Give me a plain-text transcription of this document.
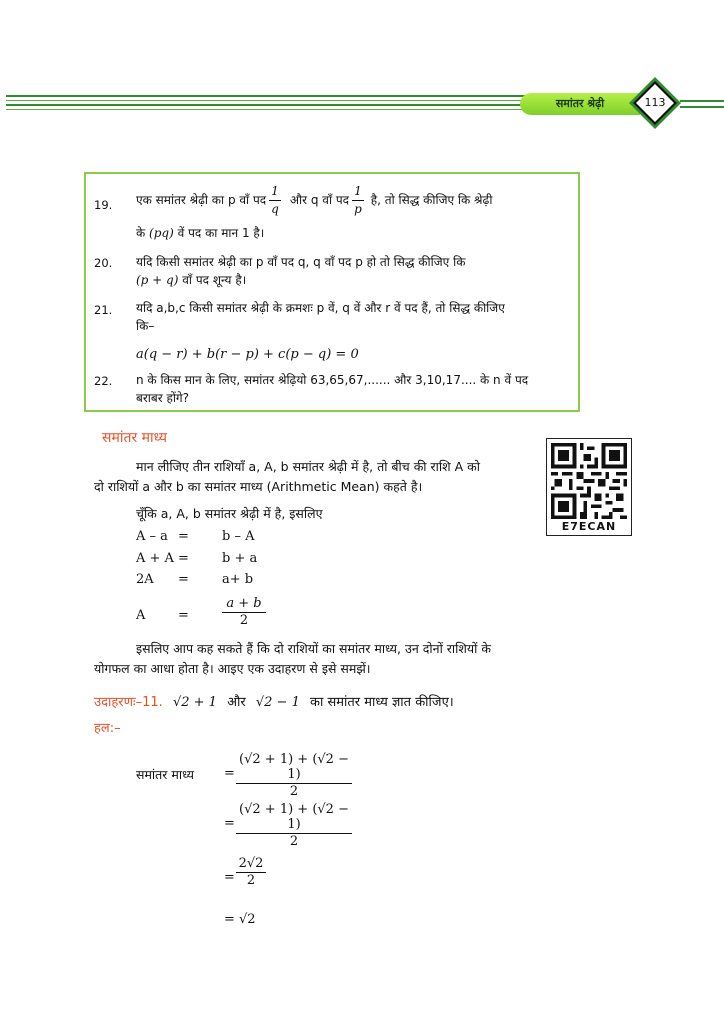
समांतर श्रेढ़ी	113
19. एक समांतर श्रेढ़ी का p वाँ पद $\frac{1}{q}$ और q वाँ पद $\frac{1}{p}$ है, तो सिद्ध कीजिए कि श्रेढ़ी
के (pq) वें पद का मान 1 है।
20. यदि किसी समांतर श्रेढ़ी का p वाँ पद q, q वाँ पद p हो तो सिद्ध कीजिए कि
(p + q) वाँ पद शून्य है।
21. यदि a,b,c किसी समांतर श्रेढ़ी के क्रमशः p वें, q वें और r वें पद हैं, तो सिद्ध कीजिए
कि–
a(q − r) + b(r − p) + c(p − q) = 0
22. n के किस मान के लिए, समांतर श्रेढ़ियो 63,65,67,...... और 3,10,17.... के n वें पद
बराबर होंगे?
समांतर माध्य
मान लीजिए तीन राशियाँ a, A, b समांतर श्रेढ़ी में है, तो बीच की राशि A को
दो राशियों a और b का समांतर माध्य (Arithmetic Mean) कहते है।
चूँकि a, A, b समांतर श्रेढ़ी में है, इसलिए
A – a =	b – A
A + A =	b + a
2A =	a+ b
A	=	$\frac{a + b}{2}$
इसलिए आप कह सकते हैं कि दो राशियों का समांतर माध्य, उन दोनों राशियों के
योगफल का आधा होता है। आइए एक उदाहरण से इसे समझें।
E7ECAN
उदाहरणः–11. √2 + 1 और √2 − 1 का समांतर माध्य ज्ञात कीजिए।
हल:–
समांतर माध्य = $\frac{(√2 + 1) + (√2 - 1)}{2}$
= $\frac{(√2 + 1) + (√2 - 1)}{2}$
= $\frac{2√2}{2}$
= √2
